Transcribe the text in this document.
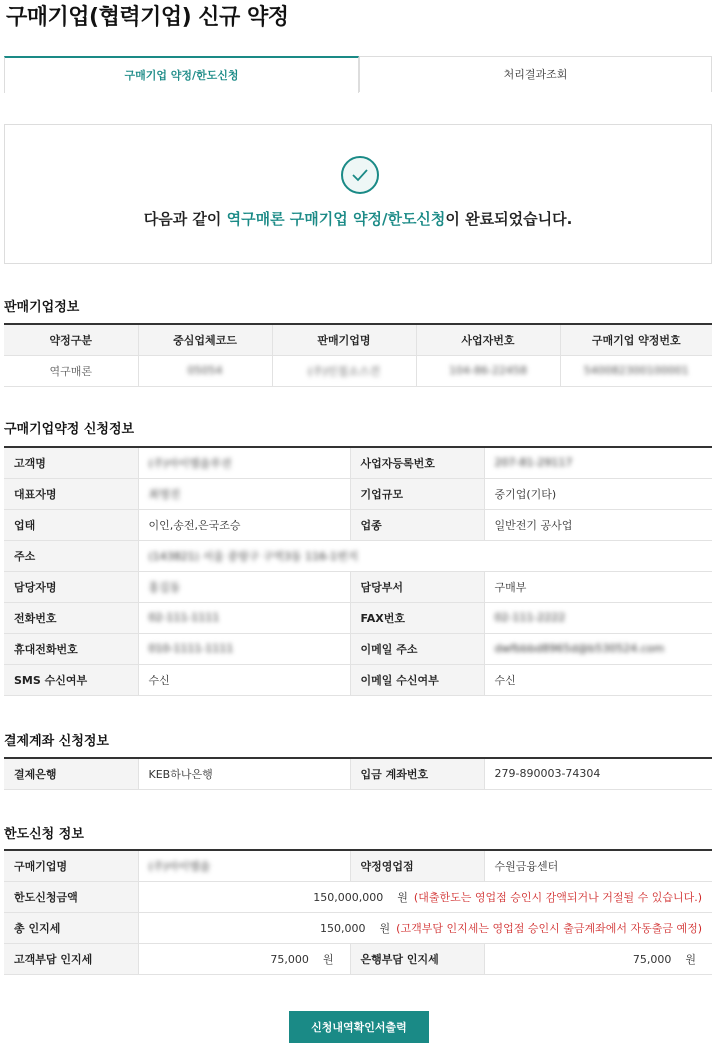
구매기업(협력기업) 신규 약정
구매기업 약정/한도신청	처리결과조회
다음과 같이 역구매론 구매기업 약정/한도신청이 완료되었습니다.
판매기업정보
약정구분	중심업체코드	판매기업명	사업자번호	구매기업 약정번호
역구매론	05054	(주)인칠소스건	104-86-22458	540082300100001
구매기업약정 신청정보
고객명	(주)아이엠솔루션	사업자등록번호	207-81-29117
대표자명	최명진	기업규모	중기업(기타)
업태	이인,송전,은국조승	업종	일반전기 공사업
주소	(143821) 서울 중랑구 구역3동 116-1번지		
담당자명	홍길동	담당부서	구매부
전화번호	02-111-1111	FAX번호	02-111-2222
휴대전화번호	010-1111-1111	이메일 주소	dwfbbbd8965d@b530524.com
SMS 수신여부	수신	이메일 수신여부	수신
결제계좌 신청정보
결제은행	KEB하나은행	입금 계좌번호	279-890003-74304
한도신청 정보
구매기업명	(주)아이엠솔	약정영업점	수원금융센터
한도신청금액	150,000,000 원 (대출한도는 영업점 승인시 감액되거나 거절될 수 있습니다.)		
총 인지세	150,000 원 (고객부담 인지세는 영업점 승인시 출금계좌에서 자동출금 예정)		
고객부담 인지세	75,000 원	은행부담 인지세	75,000 원
신청내역확인서출력
